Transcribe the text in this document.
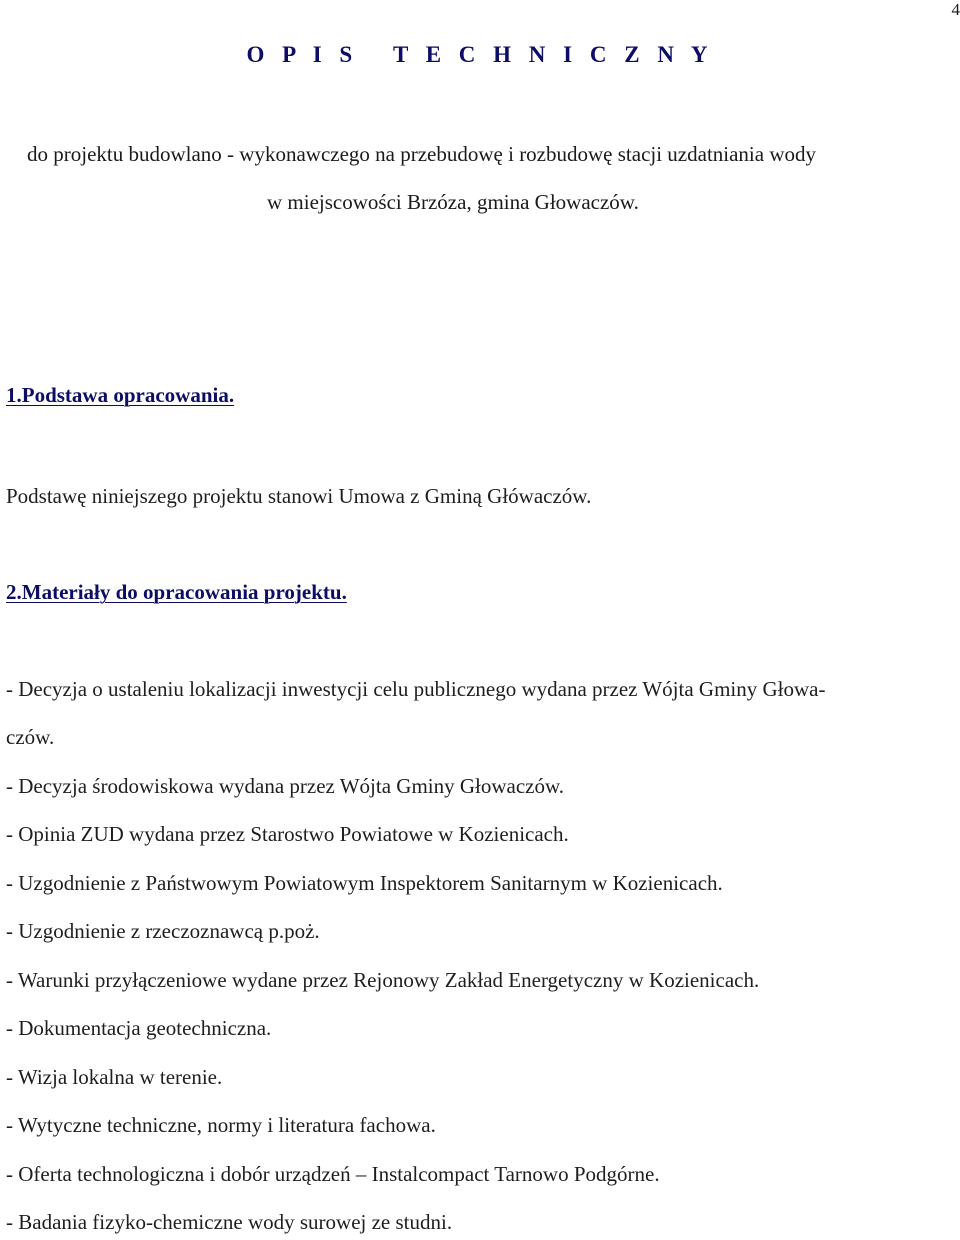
4
O P I S   T E C H N I C Z N Y
do projektu budowlano - wykonawczego na przebudowę i rozbudowę stacji uzdatniania wody
w miejscowości Brzóza, gmina Głowaczów.
1.Podstawa opracowania.
Podstawę niniejszego projektu stanowi Umowa z Gminą Główaczów.
2.Materiały do opracowania projektu.
- Decyzja o ustaleniu lokalizacji inwestycji celu publicznego wydana przez Wójta Gminy Głowa-
czów.
- Decyzja środowiskowa wydana przez Wójta Gminy Głowaczów.
- Opinia ZUD wydana przez Starostwo Powiatowe w Kozienicach.
- Uzgodnienie z Państwowym Powiatowym Inspektorem Sanitarnym w Kozienicach.
- Uzgodnienie z rzeczoznawcą p.poż.
- Warunki przyłączeniowe wydane przez Rejonowy Zakład Energetyczny w Kozienicach.
- Dokumentacja geotechniczna.
- Wizja lokalna w terenie.
- Wytyczne techniczne, normy i literatura fachowa.
- Oferta technologiczna i dobór urządzeń – Instalcompact Tarnowo Podgórne.
- Badania fizyko-chemiczne wody surowej ze studni.
